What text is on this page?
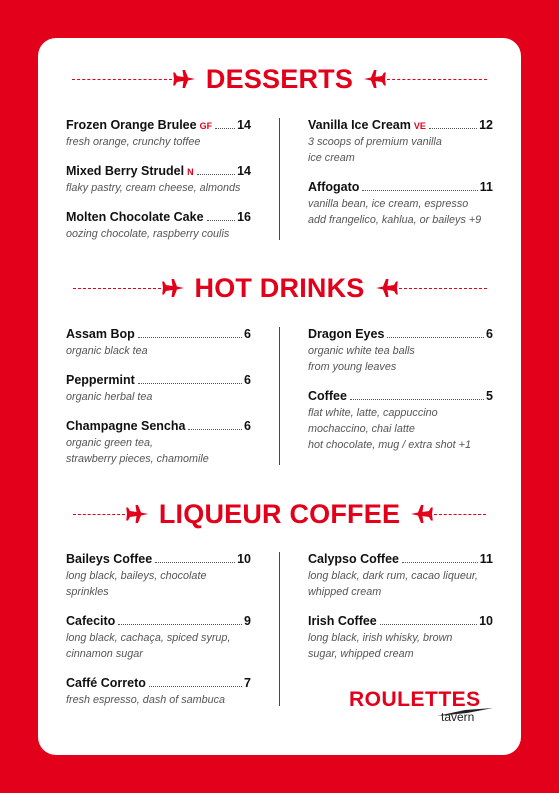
DESSERTS
Frozen Orange Brulee GF 14
fresh orange, crunchy toffee
Mixed Berry Strudel N	14
flaky pastry, cream cheese, almonds
Molten Chocolate Cake	16
oozing chocolate, raspberry coulis
Vanilla Ice Cream VE	12
3 scoops of premium vanilla
ice cream
Affogato	11
vanilla bean, ice cream, espresso
add frangelico, kahlua, or baileys +9
HOT DRINKS
Assam Bop	6
organic black tea
Peppermint	6
organic herbal tea
Champagne Sencha	6
organic green tea,
strawberry pieces, chamomile
Dragon Eyes	6
organic white tea balls
from young leaves
Coffee	5
flat white, latte, cappuccino
mochaccino, chai latte
hot chocolate, mug / extra shot +1
LIQUEUR COFFEE
Baileys Coffee	10
long black, baileys, chocolate
sprinkles
Cafecito	9
long black, cachaça, spiced syrup,
cinnamon sugar
Caffé Correto	7
fresh espresso, dash of sambuca
Calypso Coffee	11
long black, dark rum, cacao liqueur,
whipped cream
Irish Coffee	10
long black, irish whisky, brown
sugar, whipped cream
ROULETTES
tavern
